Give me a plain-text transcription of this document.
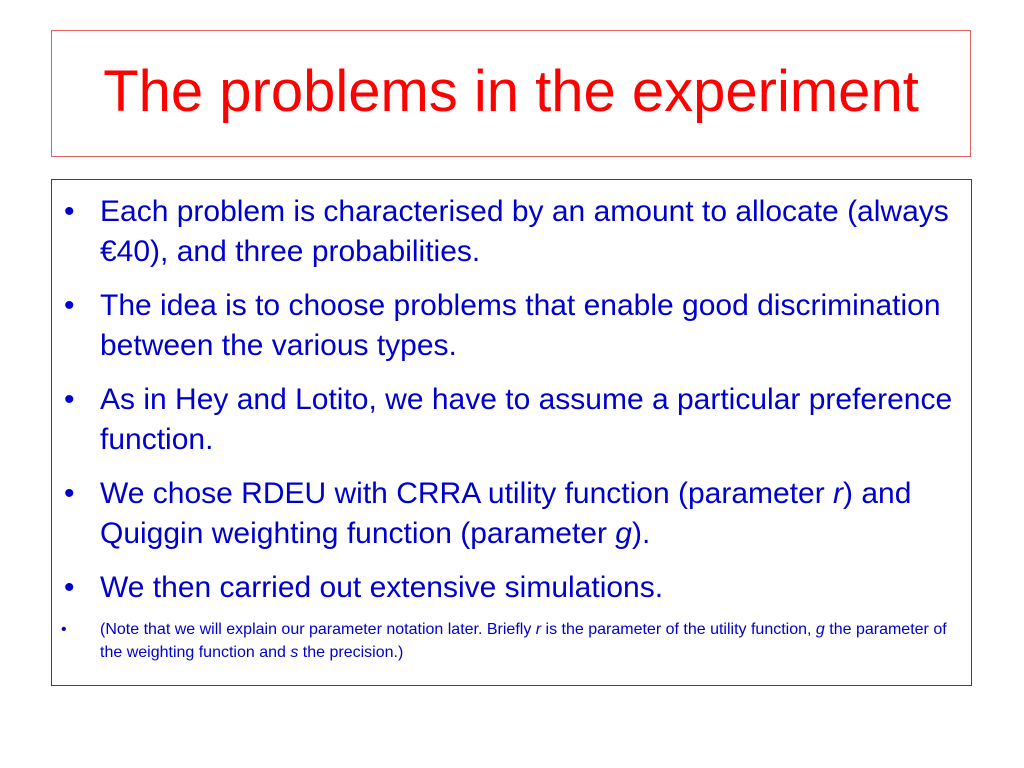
The problems in the experiment
• Each problem is characterised by an amount to allocate (always €40), and three probabilities.
• The idea is to choose problems that enable good discrimination between the various types.
• As in Hey and Lotito, we have to assume a particular preference function.
• We chose RDEU with CRRA utility function (parameter r) and Quiggin weighting function (parameter g).
• We then carried out extensive simulations.
• (Note that we will explain our parameter notation later. Briefly r is the parameter of the utility function, g the parameter of the weighting function and s the precision.)
